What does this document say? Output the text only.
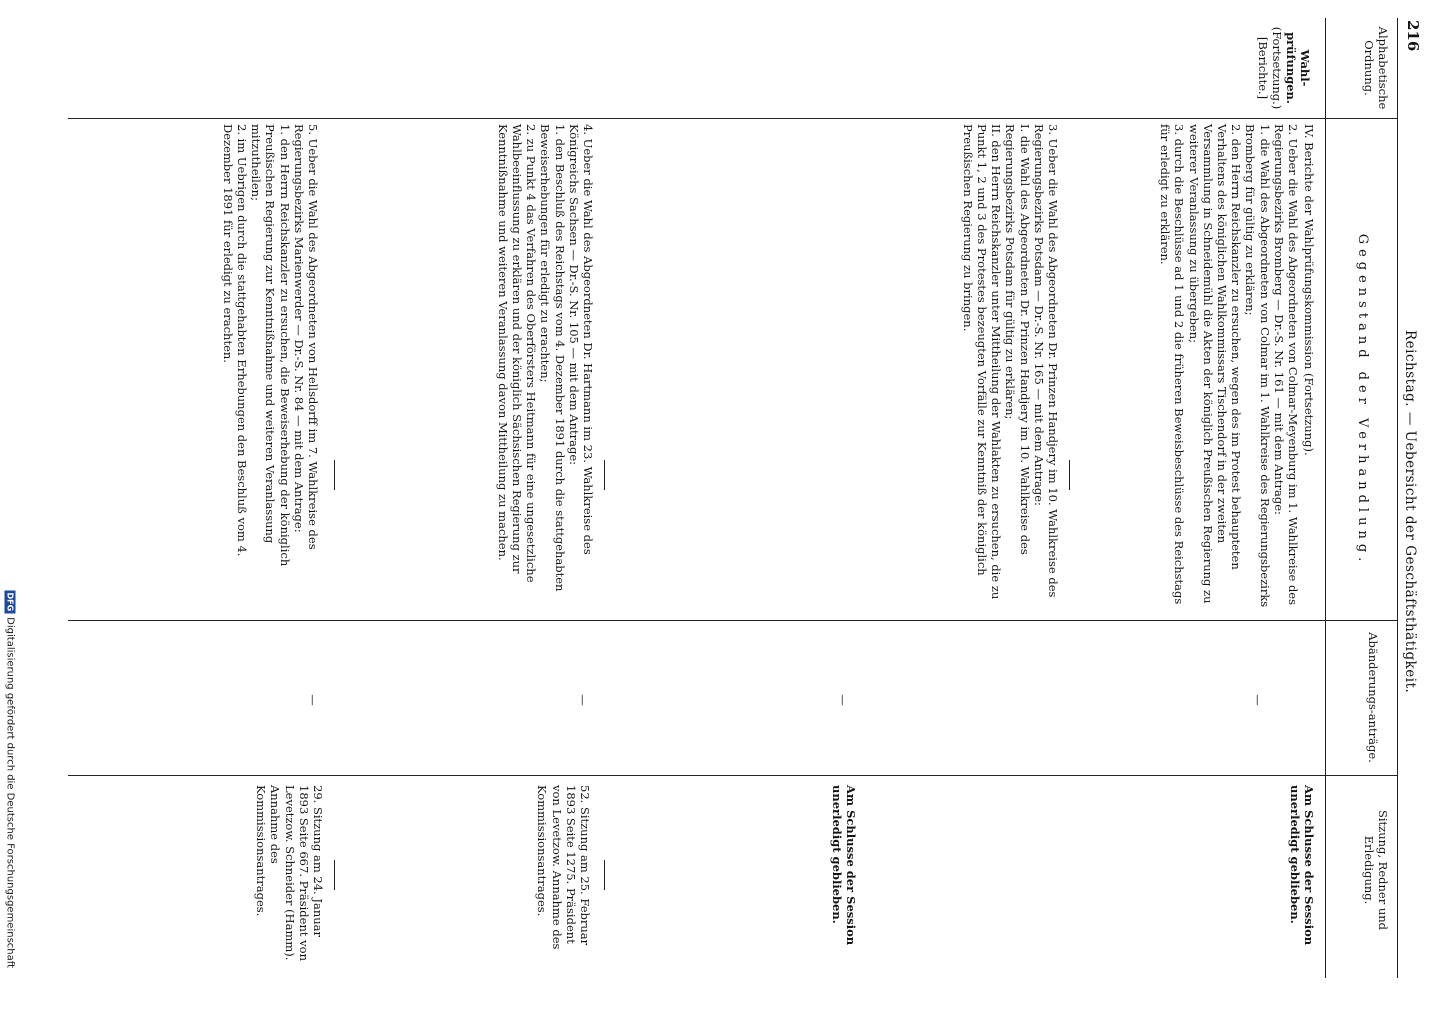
216
Reichstag. — Uebersicht der Geschäftsthätigkeit.
Alphabetische Ordnung.
Gegenstand der Verhandlung.
Abänderungs-anträge.
Sitzung, Redner und Erledigung.
Wahl-
prüfungen.
(Fortsetzung.)
[Berichte.]
IV. Berichte der Wahlprüfungskommission (Fortsetzung).
2. Ueber die Wahl des Abgeordneten von Colmar-Meyenburg im 1. Wahlkreise des Regierungsbezirks Bromberg — Dr.-S. Nr. 161 — mit dem Antrage:
1. die Wahl des Abgeordneten von Colmar im 1. Wahlkreise des Regierungsbezirks Bromberg für gültig zu erklären;
2. den Herrn Reichskanzler zu ersuchen, wegen des im Protest behaupteten Verhaltens des königlichen Wahlkommissars Tischendorf in der zweiten Versammlung in Schneidemühl die Akten der königlich Preußischen Regierung zu weiterer Veranlassung zu übergeben;
3. durch die Beschlüsse ad 1 und 2 die früheren Beweisbeschlüsse des Reichstags für erledigt zu erklären.
—
Am Schlusse der Session unerledigt geblieben.
3. Ueber die Wahl des Abgeordneten Dr. Prinzen Handjery im 10. Wahlkreise des Regierungsbezirks Potsdam — Dr.-S. Nr. 165 — mit dem Antrage:
I. die Wahl des Abgeordneten Dr. Prinzen Handjery im 10. Wahlkreise des Regierungsbezirks Potsdam für gültig zu erklären;
II. den Herrn Reichskanzler unter Mittheilung der Wahlakten zu ersuchen, die zu Punkt 1, 2 und 3 des Protestes bezeugten Vorfälle zur Kenntniß der königlich Preußischen Regierung zu bringen.
—
Am Schlusse der Session unerledigt geblieben.
4. Ueber die Wahl des Abgeordneten Dr. Hartmann im 23. Wahlkreise des Königreichs Sachsen — Dr.-S. Nr. 105 — mit dem Antrage:
1. den Beschluß des Reichstags vom 4. Dezember 1891 durch die stattgehabten Beweiserhebungen für erledigt zu erachten;
2. zu Punkt 4 das Verfahren des Oberförsters Heitmann für eine ungesetzliche Wahlbeeinflussung zu erklären und der königlich Sächsischen Regierung zur Kenntnißnahme und weiteren Veranlassung davon Mittheilung zu machen.
—
52. Sitzung am 25. Februar 1893 Seite 1275. Präsident von Levetzow. Annahme des Kommissionsantrages.
5. Ueber die Wahl des Abgeordneten von Hellsdorff im 7. Wahlkreise des Regierungsbezirks Marienwerder — Dr.-S. Nr. 84 — mit dem Antrage:
1. den Herrn Reichskanzler zu ersuchen, die Beweiserhebung der königlich Preußischen Regierung zur Kenntnißnahme und weiteren Veranlassung mitzutheilen;
2. im Uebrigen durch die stattgehabten Erhebungen den Beschluß vom 4. Dezember 1891 für erledigt zu erachten.
—
29. Sitzung am 24. Januar 1893 Seite 667. Präsident von Levetzow. Schneider (Hamm). Annahme des Kommissionsantrages.
DFGDigitalisierung gefördert durch die Deutsche Forschungsgemeinschaft
